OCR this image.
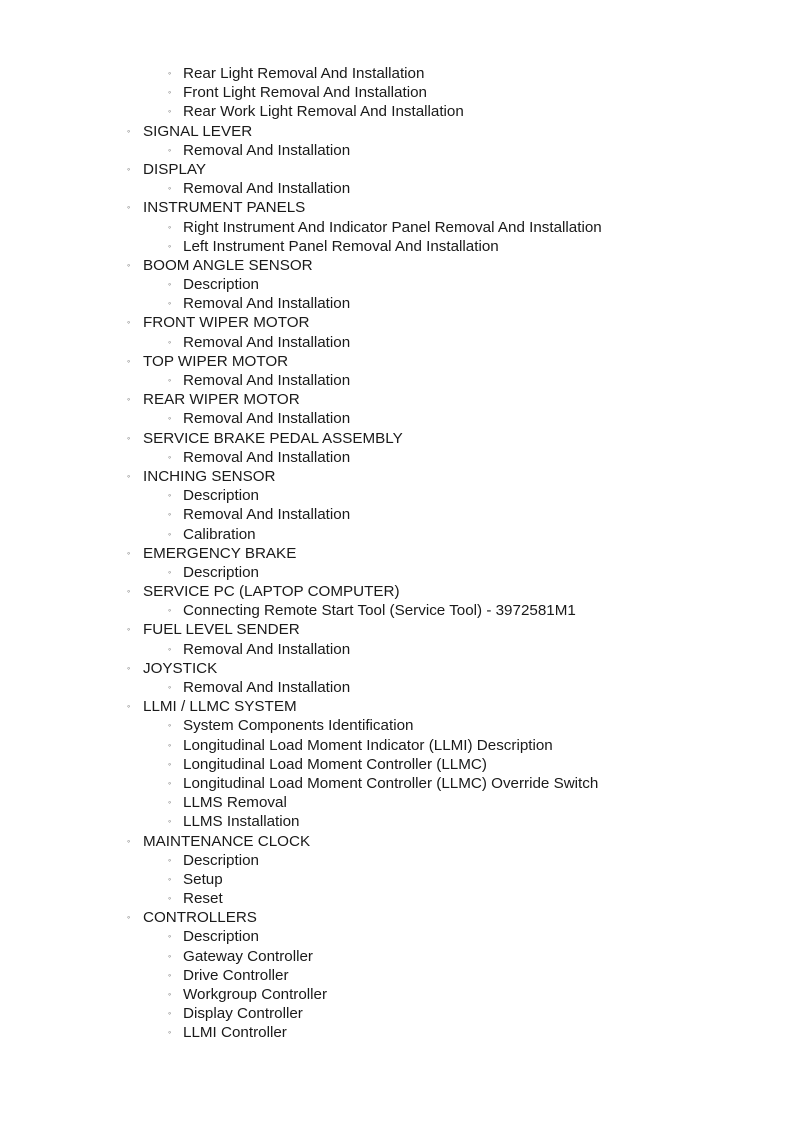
◦ Rear Light Removal And Installation
◦ Front Light Removal And Installation
◦ Rear Work Light Removal And Installation
◦ SIGNAL LEVER
◦ Removal And Installation
◦ DISPLAY
◦ Removal And Installation
◦ INSTRUMENT PANELS
◦ Right Instrument And Indicator Panel Removal And Installation
◦ Left Instrument Panel Removal And Installation
◦ BOOM ANGLE SENSOR
◦ Description
◦ Removal And Installation
◦ FRONT WIPER MOTOR
◦ Removal And Installation
◦ TOP WIPER MOTOR
◦ Removal And Installation
◦ REAR WIPER MOTOR
◦ Removal And Installation
◦ SERVICE BRAKE PEDAL ASSEMBLY
◦ Removal And Installation
◦ INCHING SENSOR
◦ Description
◦ Removal And Installation
◦ Calibration
◦ EMERGENCY BRAKE
◦ Description
◦ SERVICE PC (LAPTOP COMPUTER)
◦ Connecting Remote Start Tool (Service Tool) - 3972581M1
◦ FUEL LEVEL SENDER
◦ Removal And Installation
◦ JOYSTICK
◦ Removal And Installation
◦ LLMI / LLMC SYSTEM
◦ System Components Identification
◦ Longitudinal Load Moment Indicator (LLMI) Description
◦ Longitudinal Load Moment Controller (LLMC)
◦ Longitudinal Load Moment Controller (LLMC) Override Switch
◦ LLMS Removal
◦ LLMS Installation
◦ MAINTENANCE CLOCK
◦ Description
◦ Setup
◦ Reset
◦ CONTROLLERS
◦ Description
◦ Gateway Controller
◦ Drive Controller
◦ Workgroup Controller
◦ Display Controller
◦ LLMI Controller
